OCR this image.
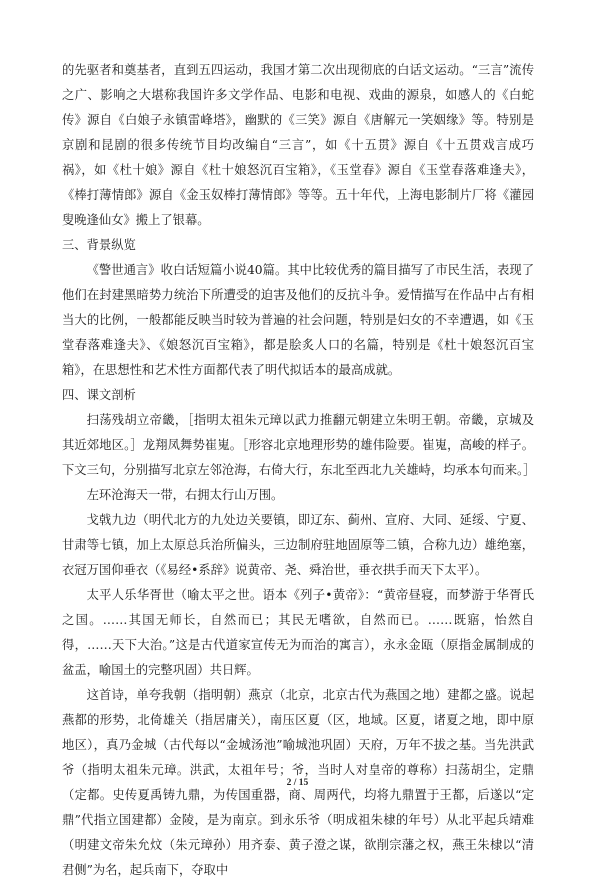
的先驱者和奠基者，直到五四运动，我国才第二次出现彻底的白话文运动。“三言”流传之广、影响之大堪称我国许多文学作品、电影和电视、戏曲的源泉，如感人的《白蛇传》源自《白娘子永镇雷峰塔》，幽默的《三笑》源自《唐解元一笑姻缘》等。特别是京剧和昆剧的很多传统节目均改编自“三言”，如《十五贯》源自《十五贯戏言成巧祸》，如《杜十娘》源自《杜十娘怒沉百宝箱》，《玉堂春》源自《玉堂春落难逢夫》，《棒打薄情郎》源自《金玉奴棒打薄情郎》等等。五十年代，上海电影制片厂将《灌园叟晚逢仙女》搬上了银幕。

三、背景纵览

《警世通言》收白话短篇小说40篇。其中比较优秀的篇目描写了市民生活，表现了他们在封建黑暗势力统治下所遭受的迫害及他们的反抗斗争。爱情描写在作品中占有相当大的比例，一般都能反映当时较为普遍的社会问题，特别是妇女的不幸遭遇，如《玉堂春落难逢夫》、《娘怒沉百宝箱》，都是脍炙人口的名篇，特别是《杜十娘怒沉百宝箱》，在思想性和艺术性方面都代表了明代拟话本的最高成就。

四、课文剖析

扫荡残胡立帝畿，［指明太祖朱元璋以武力推翻元朝建立朱明王朝。帝畿，京城及其近郊地区。］龙翔凤舞势崔嵬。［形容北京地理形势的雄伟险要。崔嵬，高峻的样子。下文三句，分别描写北京左邻沧海，右倚大行，东北至西北九关雄峙，均承本句而来。］

左环沧海天一带，右拥太行山万围。

戈戟九边（明代北方的九处边关要镇，即辽东、蓟州、宣府、大同、延绥、宁夏、甘肃等七镇，加上太原总兵治所偏头，三边制府驻地固原等二镇，合称九边）雄绝塞，衣冠万国仰垂衣（《易经•系辞》说黄帝、尧、舜治世，垂衣拱手而天下太平）。

太平人乐华胥世（喻太平之世。语本《列子•黄帝》：“黄帝昼寝，而梦游于华胥氏之国。……其国无师长，自然而已；其民无嗜欲，自然而已。……既寤，怡然自得，……天下大治。”这是古代道家宣传无为而治的寓言），永永金瓯（原指金属制成的盆盂，喻国土的完整巩固）共日辉。

这首诗，单夸我朝（指明朝）燕京（北京，北京古代为燕国之地）建都之盛。说起燕都的形势，北倚雄关（指居庸关），南压区夏（区，地域。区夏，诸夏之地，即中原地区），真乃金城（古代每以“金城汤池”喻城池巩固）天府，万年不拔之基。当先洪武爷（指明太祖朱元璋。洪武，太祖年号；爷，当时人对皇帝的尊称）扫荡胡尘，定鼎（定都。史传夏禹铸九鼎，为传国重器，商、周两代，均将九鼎置于王都，后遂以“定鼎”代指立国建都）金陵，是为南京。到永乐爷（明成祖朱棣的年号）从北平起兵靖难（明建文帝朱允炆（朱元璋孙）用齐泰、黄子澄之谋，欲削宗藩之权，燕王朱棣以“清君侧”为名，起兵南下，夺取中

2 / 15
